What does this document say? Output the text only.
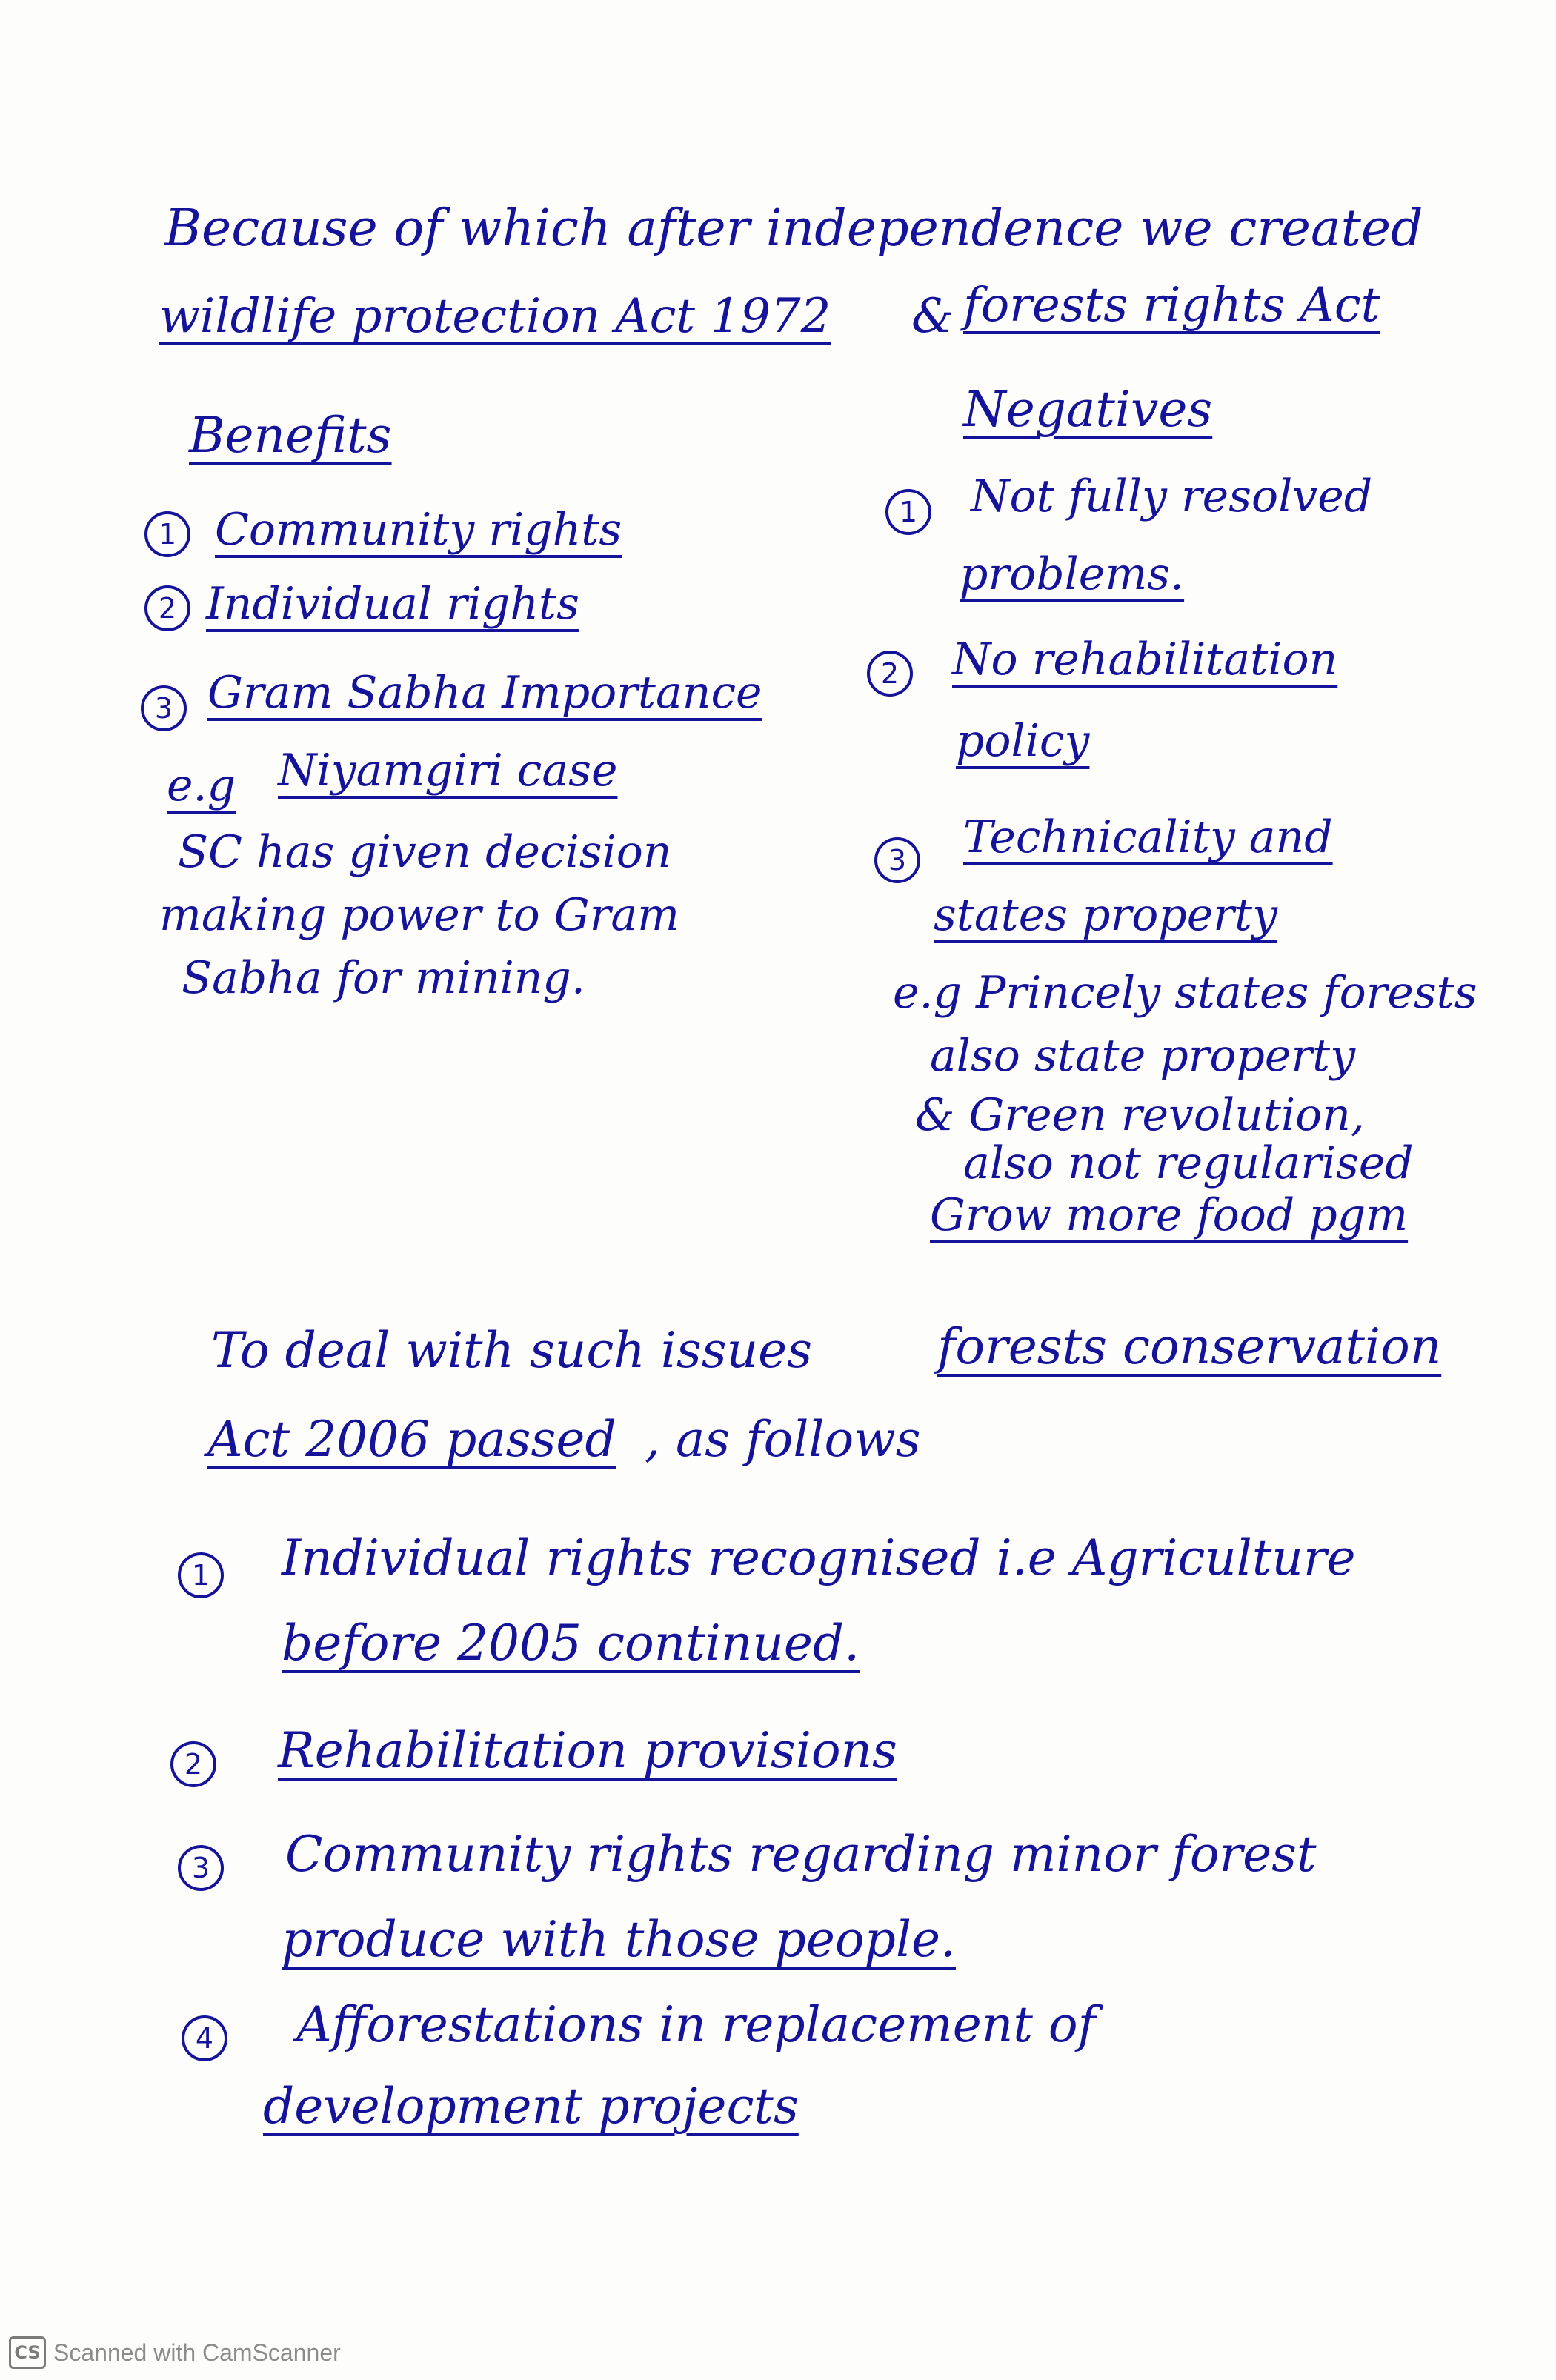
Because of which after independence we created

wildlife protection Act 1972 & forests rights Act

Benefits

1 Community rights

2 Individual rights

3 Gram Sabha Importance

e.g Niyamgiri case

SC has given decision

making power to Gram

Sabha for mining.

Negatives

1	Not fully resolved

problems.

2	No rehabilitation

policy

3	Technicality and

states property

e.g Princely states forests

also state property

& Green revolution,

also not regularised

Grow more food pgm

To deal with such issues	forests conservation

Act 2006 passed , as follows

1 Individual rights recognised i.e Agriculture

before 2005 continued.

2 Rehabilitation provisions

3 Community rights regarding minor forest

produce with those people.

4 Afforestations in replacement of

development projects

CS Scanned with CamScanner
